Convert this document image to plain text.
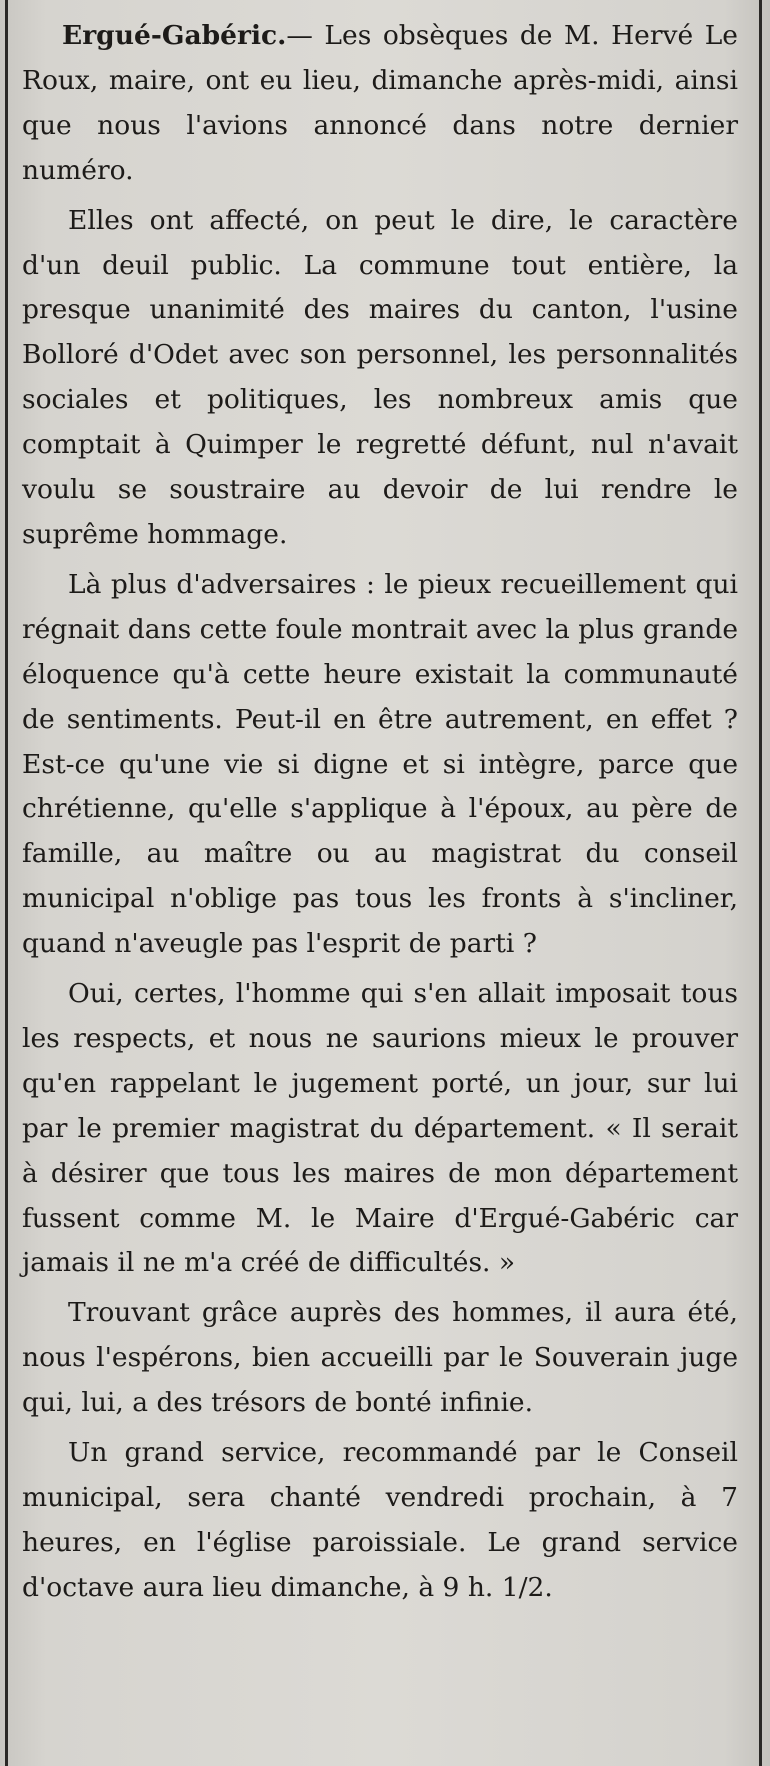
Ergué-Gabéric.— Les obsèques de M. Hervé Le Roux, maire, ont eu lieu, dimanche après-midi, ainsi que nous l'avions annoncé dans notre dernier numéro.

Elles ont affecté, on peut le dire, le caractère d'un deuil public. La commune tout entière, la presque unanimité des maires du canton, l'usine Bolloré d'Odet avec son personnel, les personnalités sociales et politiques, les nombreux amis que comptait à Quimper le regretté défunt, nul n'avait voulu se soustraire au devoir de lui rendre le suprême hommage.

Là plus d'adversaires : le pieux recueillement qui régnait dans cette foule montrait avec la plus grande éloquence qu'à cette heure existait la communauté de sentiments. Peut-il en être autrement, en effet ? Est-ce qu'une vie si digne et si intègre, parce que chrétienne, qu'elle s'applique à l'époux, au père de famille, au maître ou au magistrat du conseil municipal n'oblige pas tous les fronts à s'incliner, quand n'aveugle pas l'esprit de parti ?

Oui, certes, l'homme qui s'en allait imposait tous les respects, et nous ne saurions mieux le prouver qu'en rappelant le jugement porté, un jour, sur lui par le premier magistrat du département. « Il serait à désirer que tous les maires de mon département fussent comme M. le Maire d'Ergué-Gabéric car jamais il ne m'a créé de difficultés. »

Trouvant grâce auprès des hommes, il aura été, nous l'espérons, bien accueilli par le Souverain juge qui, lui, a des trésors de bonté infinie.

Un grand service, recommandé par le Conseil municipal, sera chanté vendredi prochain, à 7 heures, en l'église paroissiale. Le grand service d'octave aura lieu dimanche, à 9 h. 1/2.
